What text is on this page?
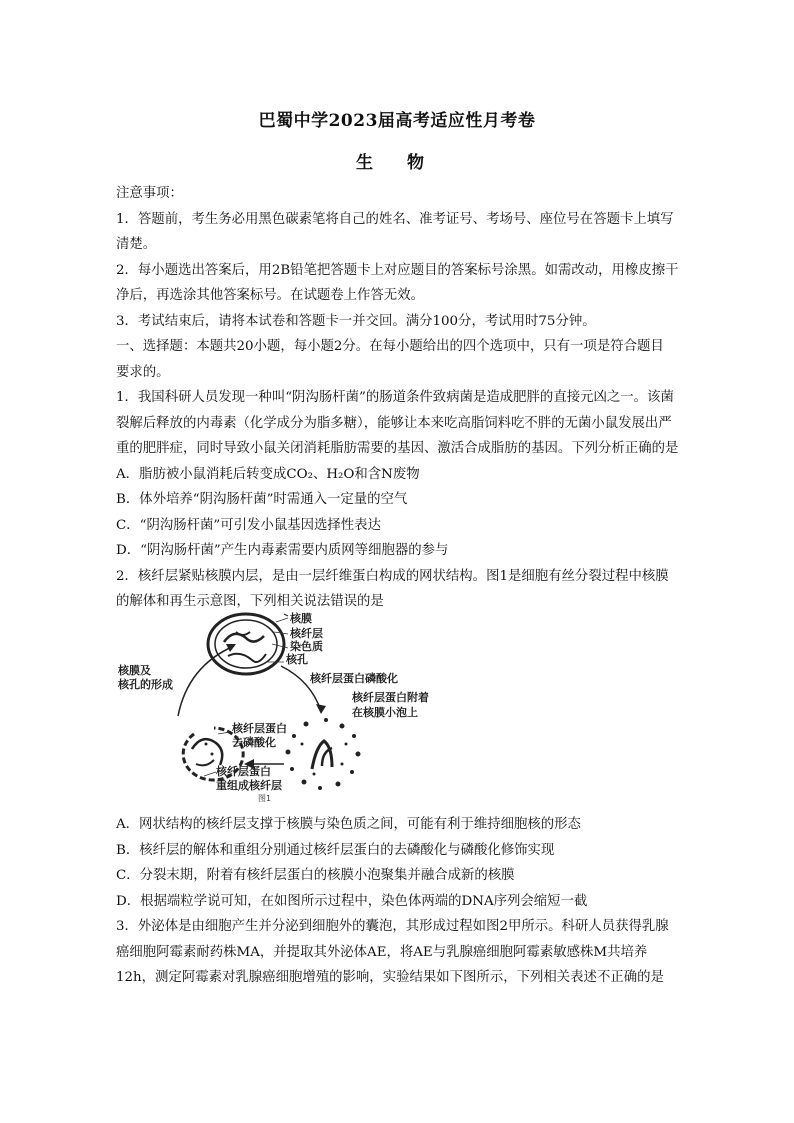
巴蜀中学2023届高考适应性月考卷
生 物
注意事项：
1．答题前，考生务必用黑色碳素笔将自己的姓名、准考证号、考场号、座位号在答题卡上填写
清楚。
2．每小题选出答案后，用2B铅笔把答题卡上对应题目的答案标号涂黑。如需改动，用橡皮擦干
净后，再选涂其他答案标号。在试题卷上作答无效。
3．考试结束后，请将本试卷和答题卡一并交回。满分100分，考试用时75分钟。
一、选择题：本题共20小题，每小题2分。在每小题给出的四个选项中，只有一项是符合题目
要求的。
1．我国科研人员发现一种叫“阴沟肠杆菌”的肠道条件致病菌是造成肥胖的直接元凶之一。该菌
裂解后释放的内毒素（化学成分为脂多糖），能够让本来吃高脂饲料吃不胖的无菌小鼠发展出严
重的肥胖症，同时导致小鼠关闭消耗脂肪需要的基因、激活合成脂肪的基因。下列分析正确的是
A．脂肪被小鼠消耗后转变成CO₂、H₂O和含N废物
B．体外培养“阴沟肠杆菌”时需通入一定量的空气
C．“阴沟肠杆菌”可引发小鼠基因选择性表达
D．“阴沟肠杆菌”产生内毒素需要内质网等细胞器的参与
2．核纤层紧贴核膜内层，是由一层纤维蛋白构成的网状结构。图1是细胞有丝分裂过程中核膜
的解体和再生示意图，下列相关说法错误的是
核膜
核纤层
染色质
核孔
核纤层蛋白磷酸化
核纤层蛋白附着
在核膜小泡上
核纤层蛋白
去磷酸化
核纤层蛋白
重组成核纤层
图1
核膜及
核孔的形成
A．网状结构的核纤层支撑于核膜与染色质之间，可能有利于维持细胞核的形态
B．核纤层的解体和重组分别通过核纤层蛋白的去磷酸化与磷酸化修饰实现
C．分裂末期，附着有核纤层蛋白的核膜小泡聚集并融合成新的核膜
D．根据端粒学说可知，在如图所示过程中，染色体两端的DNA序列会缩短一截
3．外泌体是由细胞产生并分泌到细胞外的囊泡，其形成过程如图2甲所示。科研人员获得乳腺
癌细胞阿霉素耐药株MA，并提取其外泌体AE，将AE与乳腺癌细胞阿霉素敏感株M共培养
12h，测定阿霉素对乳腺癌细胞增殖的影响，实验结果如下图所示，下列相关表述不正确的是
